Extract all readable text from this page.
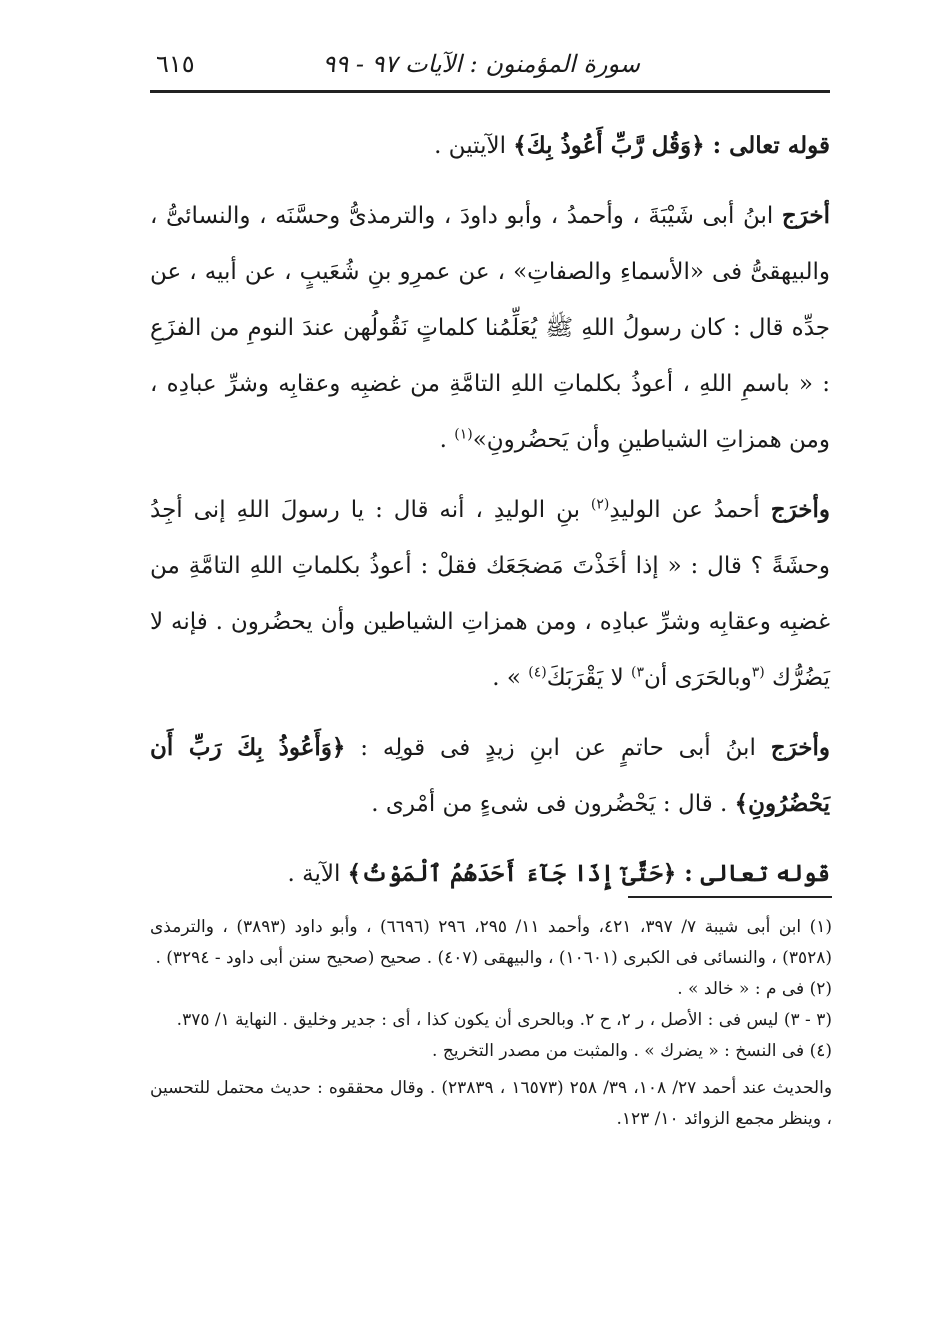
سورة المؤمنون : الآيات ٩٧ - ٩٩
٦١٥

قوله تعالى : ﴿وَقُل رَّبِّ أَعُوذُ بِكَ﴾ الآيتين .

أخرَج ابنُ أبى شَيْبَةَ ، وأحمدُ ، وأبو داودَ ، والترمذىُّ وحسَّنَه ، والنسائىُّ ، والبيهقىُّ فى «الأسماءِ والصفاتِ» ، عن عمرِو بنِ شُعَيبٍ ، عن أبيه ، عن جدِّه قال : كان رسولُ اللهِ ﷺ يُعَلِّمُنا كلماتٍ نَقُولُهن عندَ النومِ من الفزَعِ : « باسمِ اللهِ ، أعوذُ بكلماتِ اللهِ التامَّةِ من غضبِه وعقابِه وشرِّ عبادِه ، ومن همزاتِ الشياطينِ وأن يَحضُرونِ»$^{(١)}$ .

وأخرَج أحمدُ عن الوليدِ$^{(٢)}$ بنِ الوليدِ ، أنه قال : يا رسولَ اللهِ إنى أجِدُ وحشَةً ؟ قال : « إذا أخَذْتَ مَضجَعَك فقلْ : أعوذُ بكلماتِ اللهِ التامَّةِ من غضبِه وعقابِه وشرِّ عبادِه ، ومن همزاتِ الشياطين وأن يحضُرون . فإنه لا يَضُرُّك $^{(٣}$وبالحَرَى أن$^{٣)}$ لا يَقْرَبَكَ$^{(٤)}$ » .

وأخرَج ابنُ أبى حاتمٍ عن ابنِ زيدٍ فى قولِه : ﴿وَأَعُوذُ بِكَ رَبِّ أَن يَحْضُرُونِ﴾ . قال : يَحْضُرون فى شىءٍ من أمْرى .

قوله تعالى : ﴿حَتَّىٰٓ إِذَا جَآءَ أَحَدَهُمُ ٱلْمَوْتُ﴾ الآية .

(١) ابن أبى شيبة ٧/ ٣٩٧، ٤٢١، وأحمد ١١/ ٢٩٥، ٢٩٦ (٦٦٩٦) ، وأبو داود (٣٨٩٣) ، والترمذى (٣٥٢٨) ، والنسائى فى الكبرى (١٠٦٠١) ، والبيهقى (٤٠٧) . صحيح (صحيح سنن أبى داود - ٣٢٩٤) .

(٢) فى م : « خالد » .

(٣ - ٣) ليس فى : الأصل ، ر ٢، ح ٢. وبالحرى أن يكون كذا ، أى : جدير وخليق . النهاية ١/ ٣٧٥.

(٤) فى النسخ : « يضرك » . والمثبت من مصدر التخريج .

والحديث عند أحمد ٢٧/ ١٠٨، ٣٩/ ٢٥٨ (١٦٥٧٣ ، ٢٣٨٣٩) . وقال محققوه : حديث محتمل للتحسين ، وينظر مجمع الزوائد ١٠/ ١٢٣.
